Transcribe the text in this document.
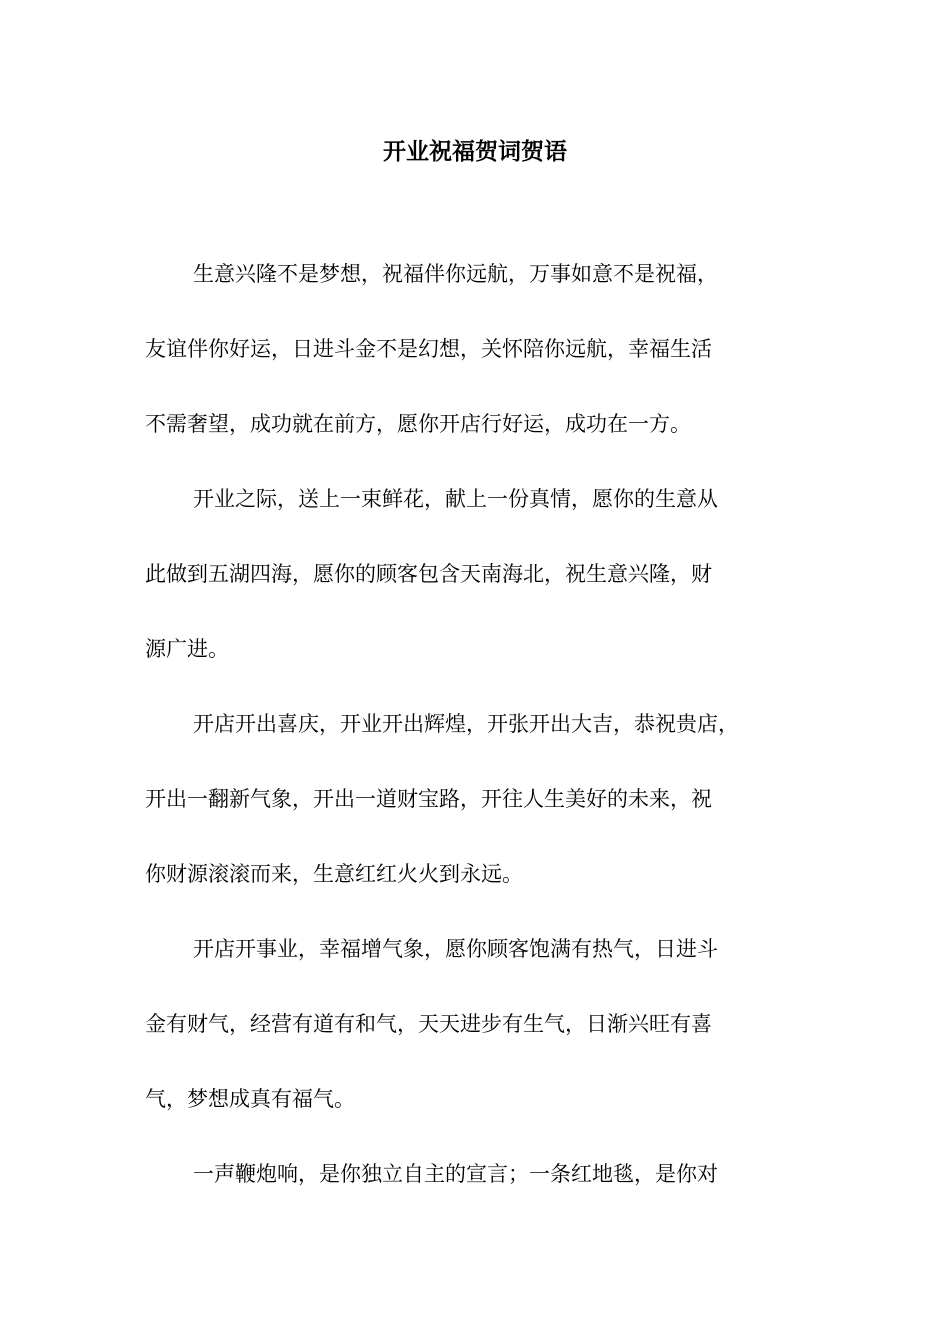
开业祝福贺词贺语

生意兴隆不是梦想，祝福伴你远航，万事如意不是祝福，

友谊伴你好运，日进斗金不是幻想，关怀陪你远航，幸福生活

不需奢望，成功就在前方，愿你开店行好运，成功在一方。

开业之际，送上一束鲜花，献上一份真情，愿你的生意从

此做到五湖四海，愿你的顾客包含天南海北，祝生意兴隆，财

源广进。

开店开出喜庆，开业开出辉煌，开张开出大吉，恭祝贵店，

开出一翻新气象，开出一道财宝路，开往人生美好的未来，祝

你财源滚滚而来，生意红红火火到永远。

开店开事业，幸福增气象，愿你顾客饱满有热气，日进斗

金有财气，经营有道有和气，天天进步有生气，日渐兴旺有喜

气，梦想成真有福气。

一声鞭炮响，是你独立自主的宣言；一条红地毯，是你对
